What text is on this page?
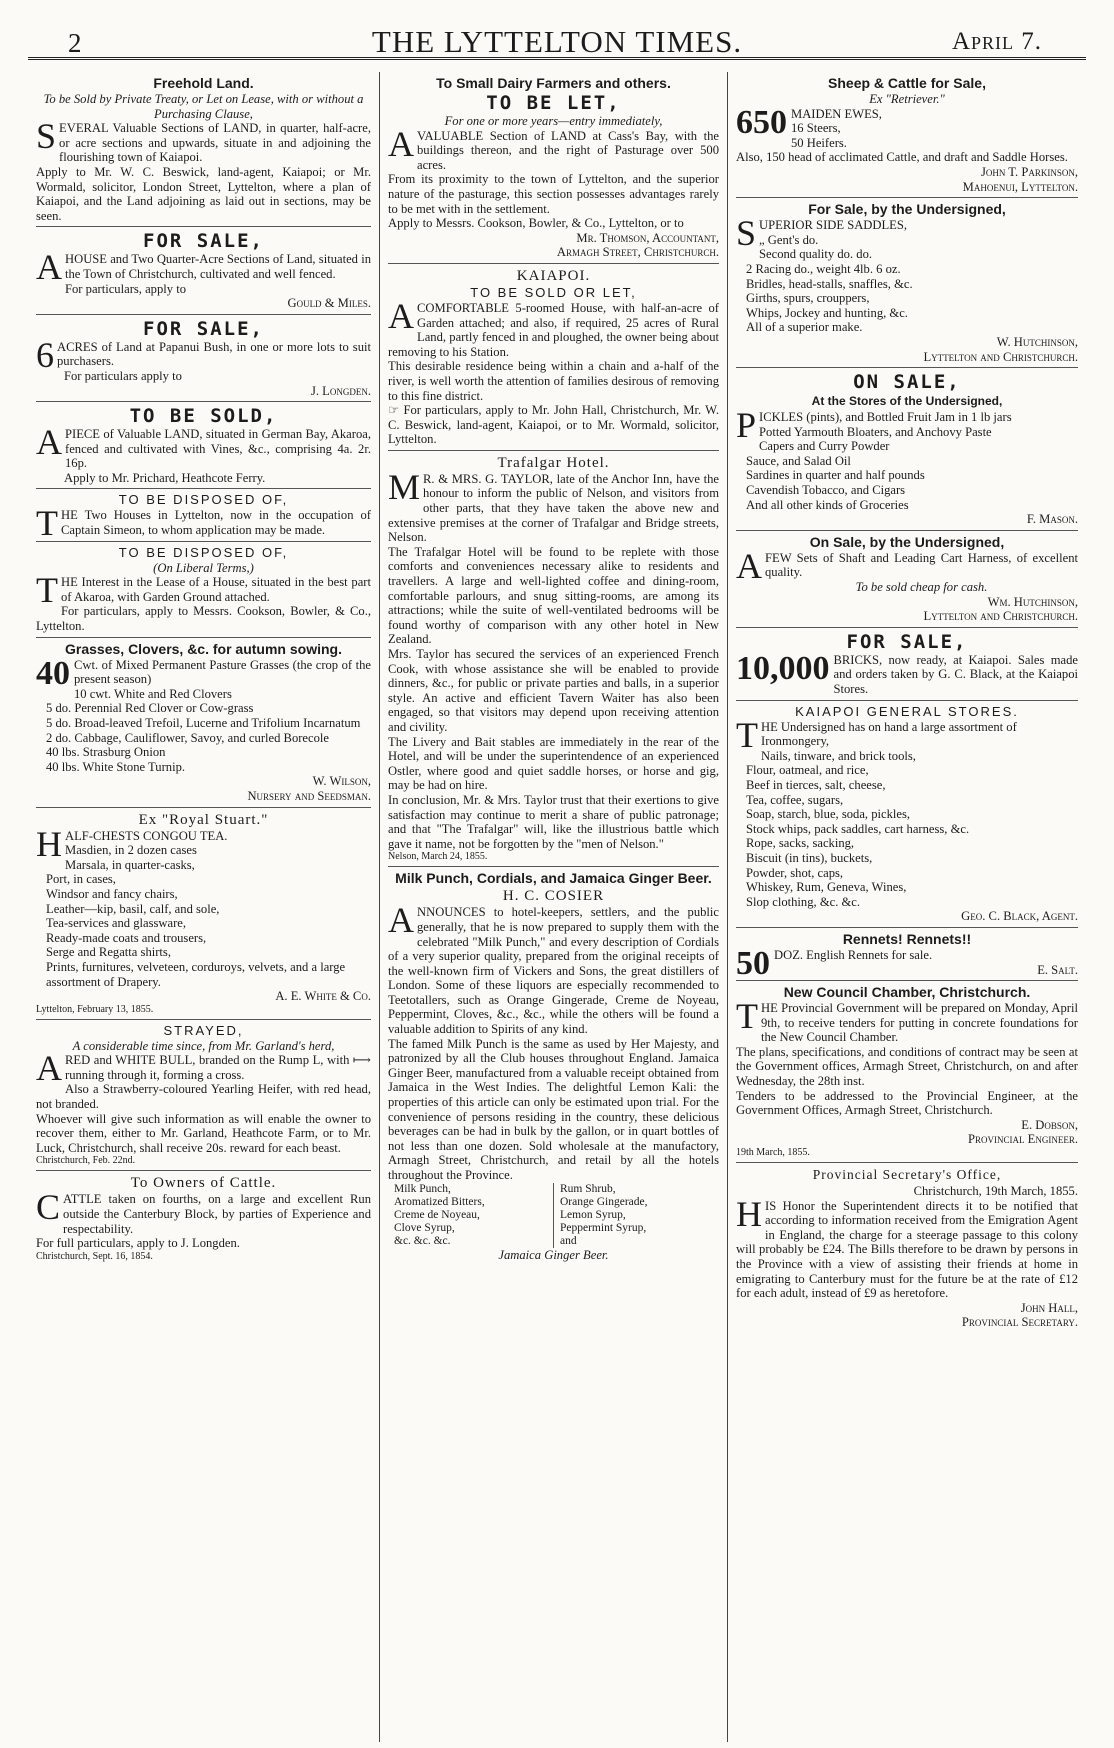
2	THE LYTTELTON TIMES.	April 7.
Freehold Land.
To be Sold by Private Treaty, or Let on Lease, with or without a Purchasing Clause,

SEVERAL Valuable Sections of LAND, in quarter, half-acre, or acre sections and upwards, situate in and adjoining the flourishing town of Kaiapoi.

Apply to Mr. W. C. Beswick, land-agent, Kaiapoi; or Mr. Wormald, solicitor, London Street, Lyttelton, where a plan of Kaiapoi, and the Land adjoining as laid out in sections, may be seen.

FOR SALE,

AHOUSE and Two Quarter-Acre Sections of Land, situated in the Town of Christchurch, cultivated and well fenced.

For particulars, apply to

Gould & Miles.

FOR SALE,

6 ACRES of Land at Papanui Bush, in one or more lots to suit purchasers.

For particulars apply to

J. Longden.

TO BE SOLD,

APIECE of Valuable LAND, situated in German Bay, Akaroa, fenced and cultivated with Vines, &c., comprising 4a. 2r. 16p.

Apply to Mr. Prichard, Heathcote Ferry.

TO BE DISPOSED OF,

THE Two Houses in Lyttelton, now in the occupation of Captain Simeon, to whom application may be made.

TO BE DISPOSED OF,
(On Liberal Terms,)

THE Interest in the Lease of a House, situated in the best part of Akaroa, with Garden Ground attached.

For particulars, apply to Messrs. Cookson, Bowler, & Co., Lyttelton.

Grasses, Clovers, &c. for autumn sowing.

40 Cwt. of Mixed Permanent Pasture Grasses (the crop of the present season)

10 cwt. White and Red Clovers
5 do. Perennial Red Clover or Cow-grass
5 do. Broad-leaved Trefoil, Lucerne and Trifolium Incarnatum
2 do. Cabbage, Cauliflower, Savoy, and curled Borecole
40 lbs. Strasburg Onion
40 lbs. White Stone Turnip.

W. Wilson,

Nursery and Seedsman.

Ex "Royal Stuart."

HALF-CHESTS CONGOU TEA.

Masdien, in 2 dozen cases
Marsala, in quarter-casks,
Port, in cases,
Windsor and fancy chairs,
Leather—kip, basil, calf, and sole,
Tea-services and glassware,
Ready-made coats and trousers,
Serge and Regatta shirts,
Prints, furnitures, velveteen, corduroys, velvets, and a large assortment of Drapery.

A. E. White & Co.

Lyttelton, February 13, 1855.

STRAYED,
A considerable time since, from Mr. Garland's herd,

ARED and WHITE BULL, branded on the Rump L, with ⟼ running through it, forming a cross.

Also a Strawberry-coloured Yearling Heifer, with red head, not branded.

Whoever will give such information as will enable the owner to recover them, either to Mr. Garland, Heathcote Farm, or to Mr. Luck, Christchurch, shall receive 20s. reward for each beast.

Christchurch, Feb. 22nd.

To Owners of Cattle.

CATTLE taken on fourths, on a large and excellent Run outside the Canterbury Block, by parties of Experience and respectability.

For full particulars, apply to J. Longden.

Christchurch, Sept. 16, 1854.

To Small Dairy Farmers and others.
TO BE LET,
For one or more years—entry immediately,

AVALUABLE Section of LAND at Cass's Bay, with the buildings thereon, and the right of Pasturage over 500 acres.

From its proximity to the town of Lyttelton, and the superior nature of the pasturage, this section possesses advantages rarely to be met with in the settlement.

Apply to Messrs. Cookson, Bowler, & Co., Lyttelton, or to

Mr. Thomson, Accountant,

Armagh Street, Christchurch.

KAIAPOI.
TO BE SOLD OR LET,

ACOMFORTABLE 5-roomed House, with half-an-acre of Garden attached; and also, if required, 25 acres of Rural Land, partly fenced in and ploughed, the owner being about removing to his Station.

This desirable residence being within a chain and a-half of the river, is well worth the attention of families desirous of removing to this fine district.

☞ For particulars, apply to Mr. John Hall, Christchurch, Mr. W. C. Beswick, land-agent, Kaiapoi, or to Mr. Wormald, solicitor, Lyttelton.

Trafalgar Hotel.

M R. & MRS. G. TAYLOR, late of the Anchor Inn, have the honour to inform the public of Nelson, and visitors from other parts, that they have taken the above new and extensive premises at the corner of Trafalgar and Bridge streets, Nelson.

The Trafalgar Hotel will be found to be replete with those comforts and conveniences necessary alike to residents and travellers. A large and well-lighted coffee and dining-room, comfortable parlours, and snug sitting-rooms, are among its attractions; while the suite of well-ventilated bedrooms will be found worthy of comparison with any other hotel in New Zealand.

Mrs. Taylor has secured the services of an experienced French Cook, with whose assistance she will be enabled to provide dinners, &c., for public or private parties and balls, in a superior style. An active and efficient Tavern Waiter has also been engaged, so that visitors may depend upon receiving attention and civility.

The Livery and Bait stables are immediately in the rear of the Hotel, and will be under the superintendence of an experienced Ostler, where good and quiet saddle horses, or horse and gig, may be had on hire.

In conclusion, Mr. & Mrs. Taylor trust that their exertions to give satisfaction may continue to merit a share of public patronage; and that "The Trafalgar" will, like the illustrious battle which gave it name, not be forgotten by the "men of Nelson."

Nelson, March 24, 1855.

Milk Punch, Cordials, and Jamaica Ginger Beer.
H. C. COSIER

ANNOUNCES to hotel-keepers, settlers, and the public generally, that he is now prepared to supply them with the celebrated "Milk Punch," and every description of Cordials of a very superior quality, prepared from the original receipts of the well-known firm of Vickers and Sons, the great distillers of London. Some of these liquors are especially recommended to Teetotallers, such as Orange Gingerade, Creme de Noyeau, Peppermint, Cloves, &c., &c., while the others will be found a valuable addition to Spirits of any kind.

The famed Milk Punch is the same as used by Her Majesty, and patronized by all the Club houses throughout England. Jamaica Ginger Beer, manufactured from a valuable receipt obtained from Jamaica in the West Indies. The delightful Lemon Kali: the properties of this article can only be estimated upon trial. For the convenience of persons residing in the country, these delicious beverages can be had in bulk by the gallon, or in quart bottles of not less than one dozen. Sold wholesale at the manufactory, Armagh Street, Christchurch, and retail by all the hotels throughout the Province.

Milk Punch,
Aromatized Bitters,
Creme de Noyeau,
Clove Syrup,
&c. &c. &c.
Rum Shrub,
Orange Gingerade,
Lemon Syrup,
Peppermint Syrup,
and
Jamaica Ginger Beer.
Sheep & Cattle for Sale,
Ex "Retriever."

650 MAIDEN EWES,

16 Steers,
50 Heifers.

Also, 150 head of acclimated Cattle, and draft and Saddle Horses.

John T. Parkinson,

Mahoenui, Lyttelton.

For Sale, by the Undersigned,

SUPERIOR SIDE SADDLES,

„ Gent's do.
Second quality do. do.
2 Racing do., weight 4lb. 6 oz.
Bridles, head-stalls, snaffles, &c.
Girths, spurs, crouppers,
Whips, Jockey and hunting, &c.
All of a superior make.

W. Hutchinson,

Lyttelton and Christchurch.

ON SALE,
At the Stores of the Undersigned,

PICKLES (pints), and Bottled Fruit Jam in 1 lb jars

Potted Yarmouth Bloaters, and Anchovy Paste
Capers and Curry Powder
Sauce, and Salad Oil
Sardines in quarter and half pounds
Cavendish Tobacco, and Cigars
And all other kinds of Groceries

F. Mason.

On Sale, by the Undersigned,

AFEW Sets of Shaft and Leading Cart Harness, of excellent quality.

To be sold cheap for cash.

Wm. Hutchinson,

Lyttelton and Christchurch.

FOR SALE,

10,000 BRICKS, now ready, at Kaiapoi. Sales made and orders taken by G. C. Black, at the Kaiapoi Stores.

KAIAPOI GENERAL STORES.

THE Undersigned has on hand a large assortment of

Ironmongery,
Nails, tinware, and brick tools,
Flour, oatmeal, and rice,
Beef in tierces, salt, cheese,
Tea, coffee, sugars,
Soap, starch, blue, soda, pickles,
Stock whips, pack saddles, cart harness, &c.
Rope, sacks, sacking,
Biscuit (in tins), buckets,
Powder, shot, caps,
Whiskey, Rum, Geneva, Wines,
Slop clothing, &c. &c.

Geo. C. Black, Agent.

Rennets! Rennets!!

50 DOZ. English Rennets for sale.

E. Salt.

New Council Chamber, Christchurch.

THE Provincial Government will be prepared on Monday, April 9th, to receive tenders for putting in concrete foundations for the New Council Chamber.

The plans, specifications, and conditions of contract may be seen at the Government offices, Armagh Street, Christchurch, on and after Wednesday, the 28th inst.

Tenders to be addressed to the Provincial Engineer, at the Government Offices, Armagh Street, Christchurch.

E. Dobson,

Provincial Engineer.

19th March, 1855.

Provincial Secretary's Office,
Christchurch, 19th March, 1855.

HIS Honor the Superintendent directs it to be notified that according to information received from the Emigration Agent in England, the charge for a steerage passage to this colony will probably be £24. The Bills therefore to be drawn by persons in the Province with a view of assisting their friends at home in emigrating to Canterbury must for the future be at the rate of £12 for each adult, instead of £9 as heretofore.

John Hall,

Provincial Secretary.
